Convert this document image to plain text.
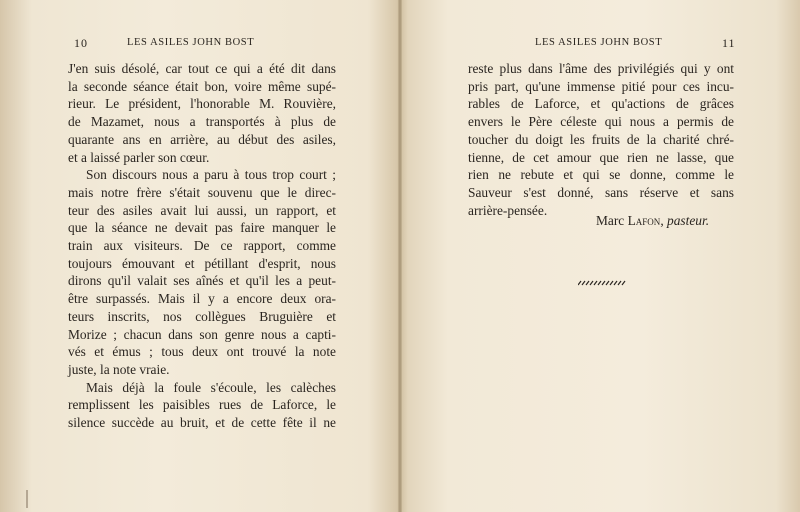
10	LES ASILES JOHN BOST
J'en suis désolé, car tout ce qui a été dit dans
la seconde séance était bon, voire même supé-
rieur. Le président, l'honorable M. Rouvière,
de Mazamet, nous a transportés à plus de
quarante ans en arrière, au début des asiles,
et a laissé parler son cœur.
Son discours nous a paru à tous trop court ;
mais notre frère s'était souvenu que le direc-
teur des asiles avait lui aussi, un rapport, et
que la séance ne devait pas faire manquer le
train aux visiteurs. De ce rapport, comme
toujours émouvant et pétillant d'esprit, nous
dirons qu'il valait ses aînés et qu'il les a peut-
être surpassés. Mais il y a encore deux ora-
teurs inscrits, nos collègues Bruguière et
Morize ; chacun dans son genre nous a capti-
vés et émus ; tous deux ont trouvé la note
juste, la note vraie.
Mais déjà la foule s'écoule, les calèches
remplissent les paisibles rues de Laforce, le
silence succède au bruit, et de cette fête il ne
LES ASILES JOHN BOST	11
reste plus dans l'âme des privilégiés qui y ont
pris part, qu'une immense pitié pour ces incu-
rables de Laforce, et qu'actions de grâces
envers le Père céleste qui nous a permis de
toucher du doigt les fruits de la charité chré-
tienne, de cet amour que rien ne lasse, que
rien ne rebute et qui se donne, comme le
Sauveur s'est donné, sans réserve et sans
arrière-pensée.
Marc Lafon, pasteur.
